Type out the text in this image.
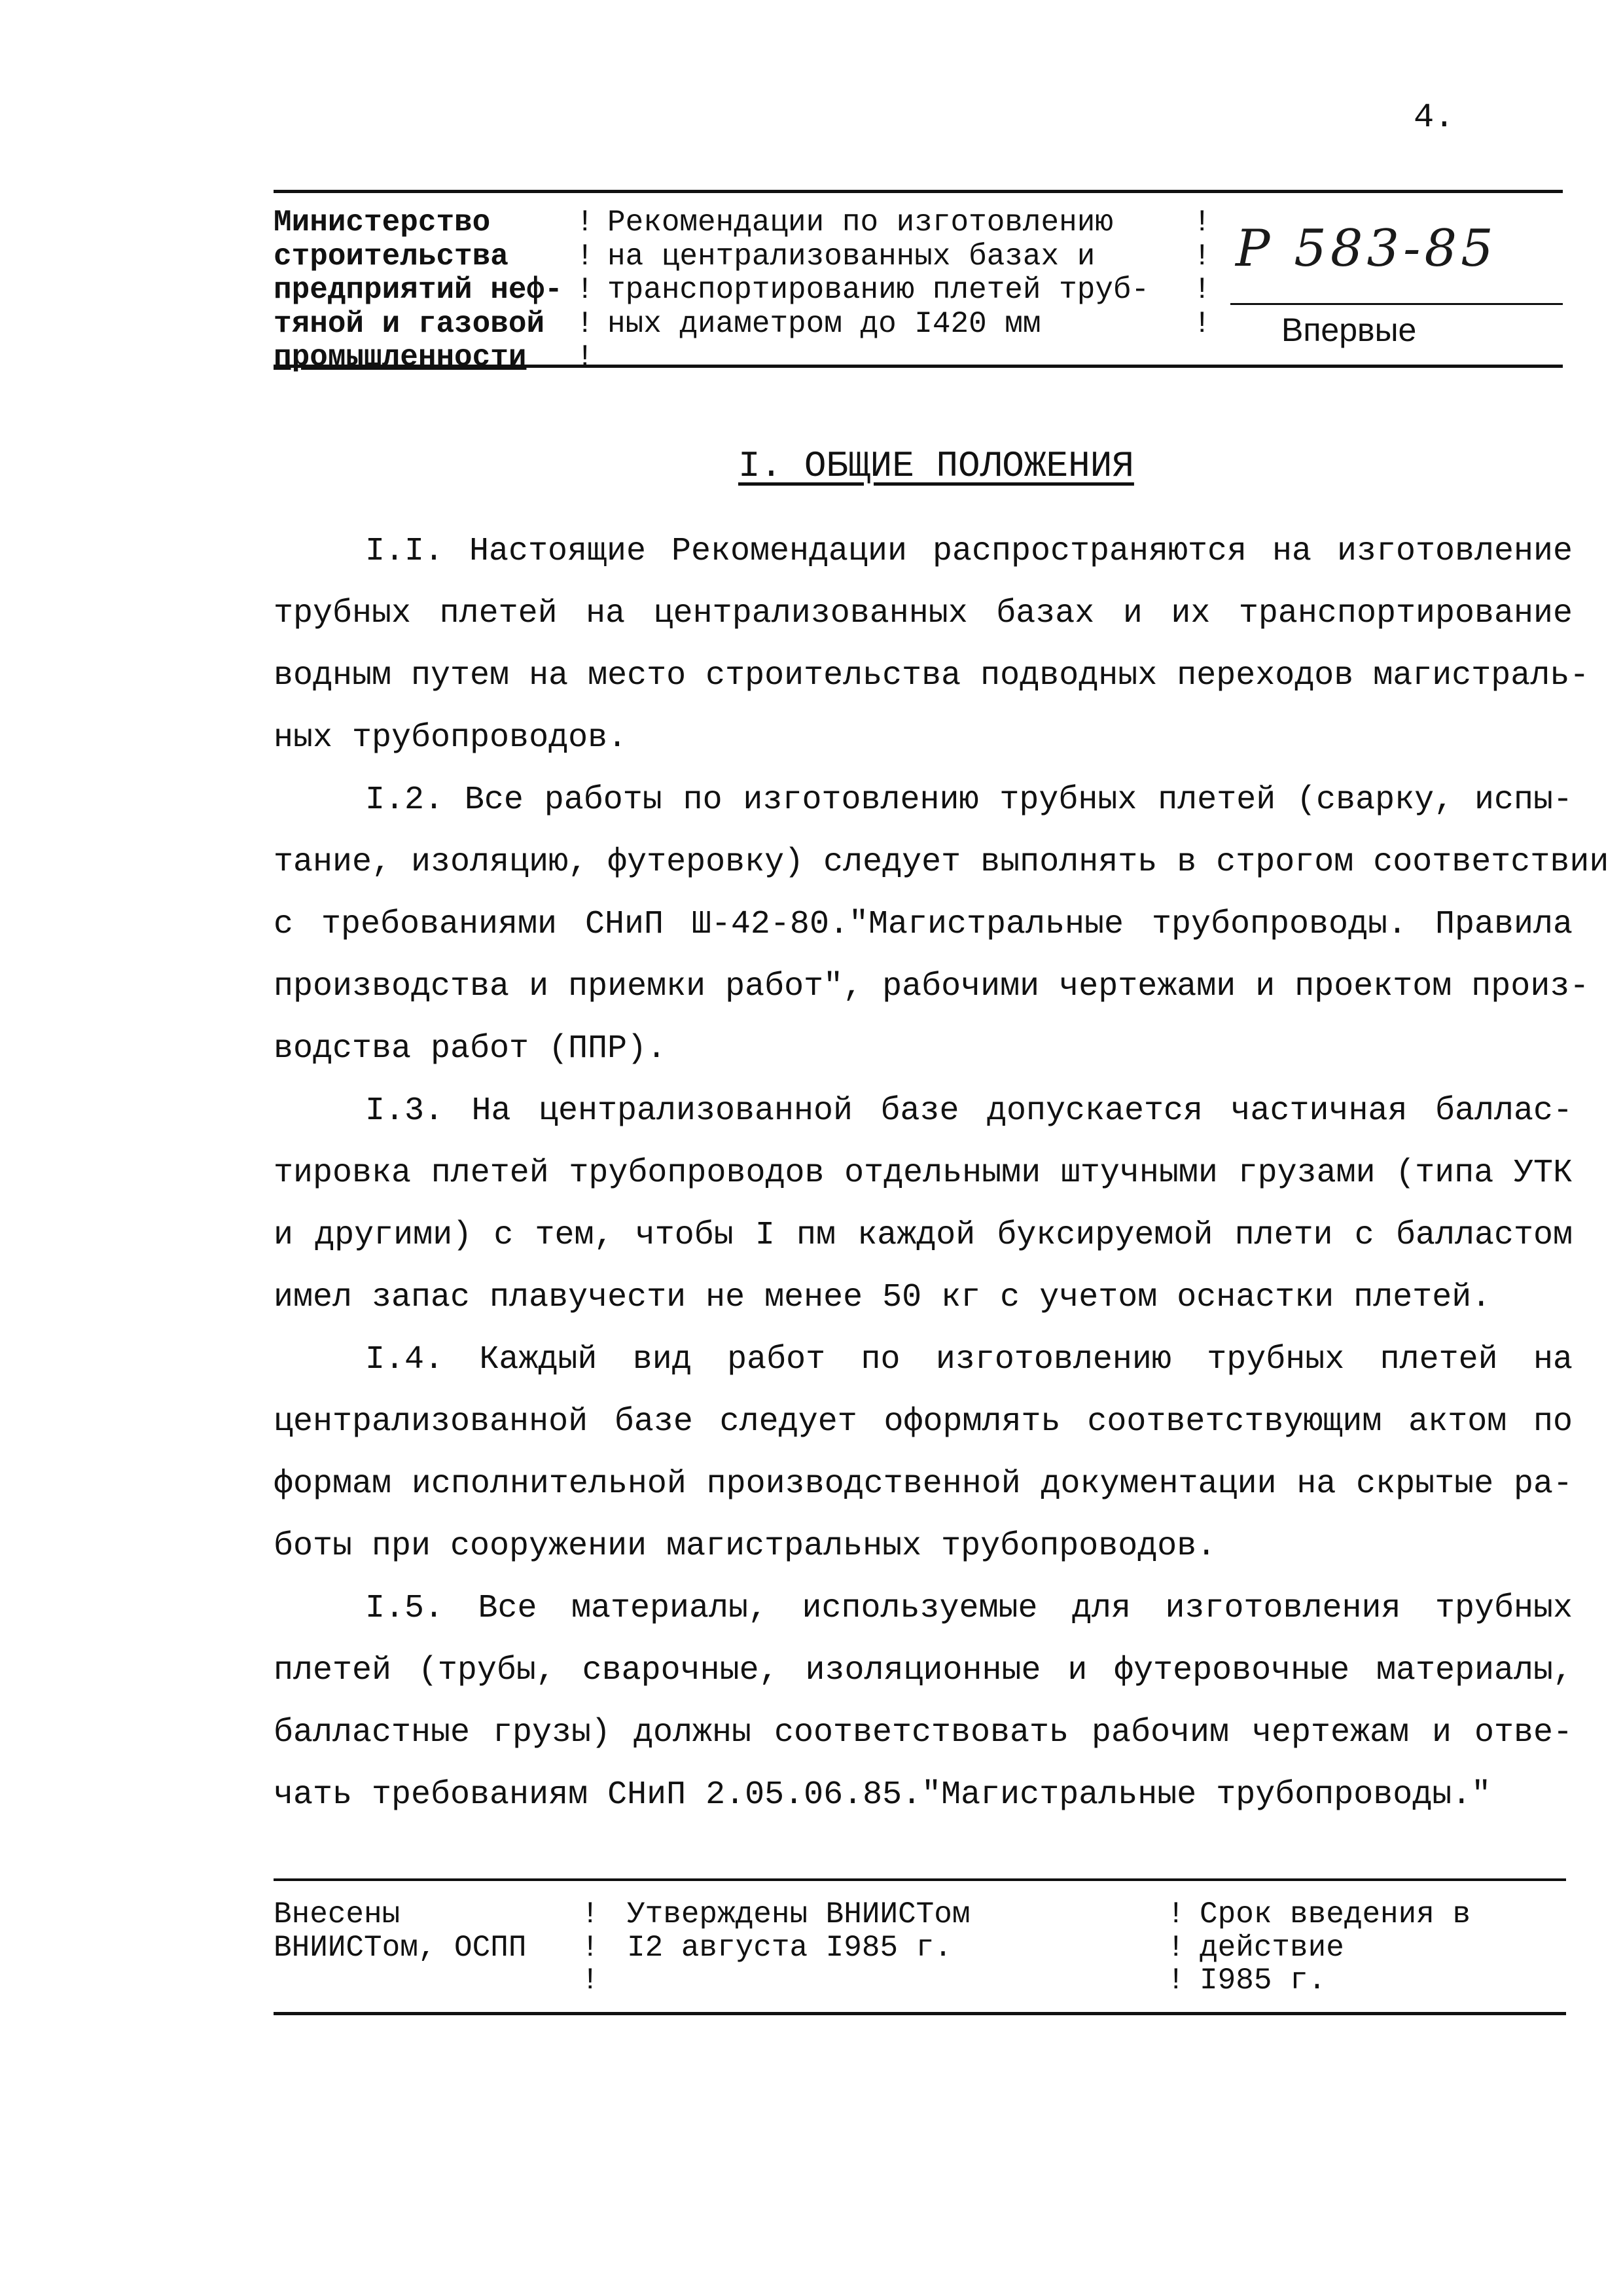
4.
Министерство
строительства
предприятий неф-
тяной и газовой
промышленности
!
!
!
!
!
Рекомендации по изготовлению
на централизованных базах и
транспортированию плетей труб-
ных диаметром до I420 мм
!
!
!
!
Р 583-85
Впервые
I. ОБЩИЕ ПОЛОЖЕНИЯ
I.I. Настоящие Рекомендации распространяются на изготовление
трубных плетей на централизованных базах и их транспортирование
водным путем на место строительства подводных переходов магистраль-
ных трубопроводов.
I.2. Все работы по изготовлению трубных плетей (сварку, испы-
тание, изоляцию, футеровку) следует выполнять в строгом соответствии
с требованиями СНиП Ш-42-80."Магистральные трубопроводы. Правила
производства и приемки работ", рабочими чертежами и проектом произ-
водства работ (ППР).
I.3. На централизованной базе допускается частичная баллас-
тировка плетей трубопроводов отдельными штучными грузами (типа УТК
и другими) с тем, чтобы I пм каждой буксируемой плети с балластом
имел запас плавучести не менее 50 кг с учетом оснастки плетей.
I.4. Каждый вид работ по изготовлению трубных плетей на
централизованной базе следует оформлять соответствующим актом по
формам исполнительной производственной документации на скрытые ра-
боты при сооружении магистральных трубопроводов.
I.5. Все материалы, используемые для изготовления трубных
плетей (трубы, сварочные, изоляционные и футеровочные материалы,
балластные грузы) должны соответствовать рабочим чертежам и отве-
чать требованиям СНиП 2.05.06.85."Магистральные трубопроводы."
Внесены
ВНИИСТом, ОСПП
!
!
!
Утверждены ВНИИСТом
I2 августа I985 г.
!
!
!
Срок введения в
действие
I985 г.
